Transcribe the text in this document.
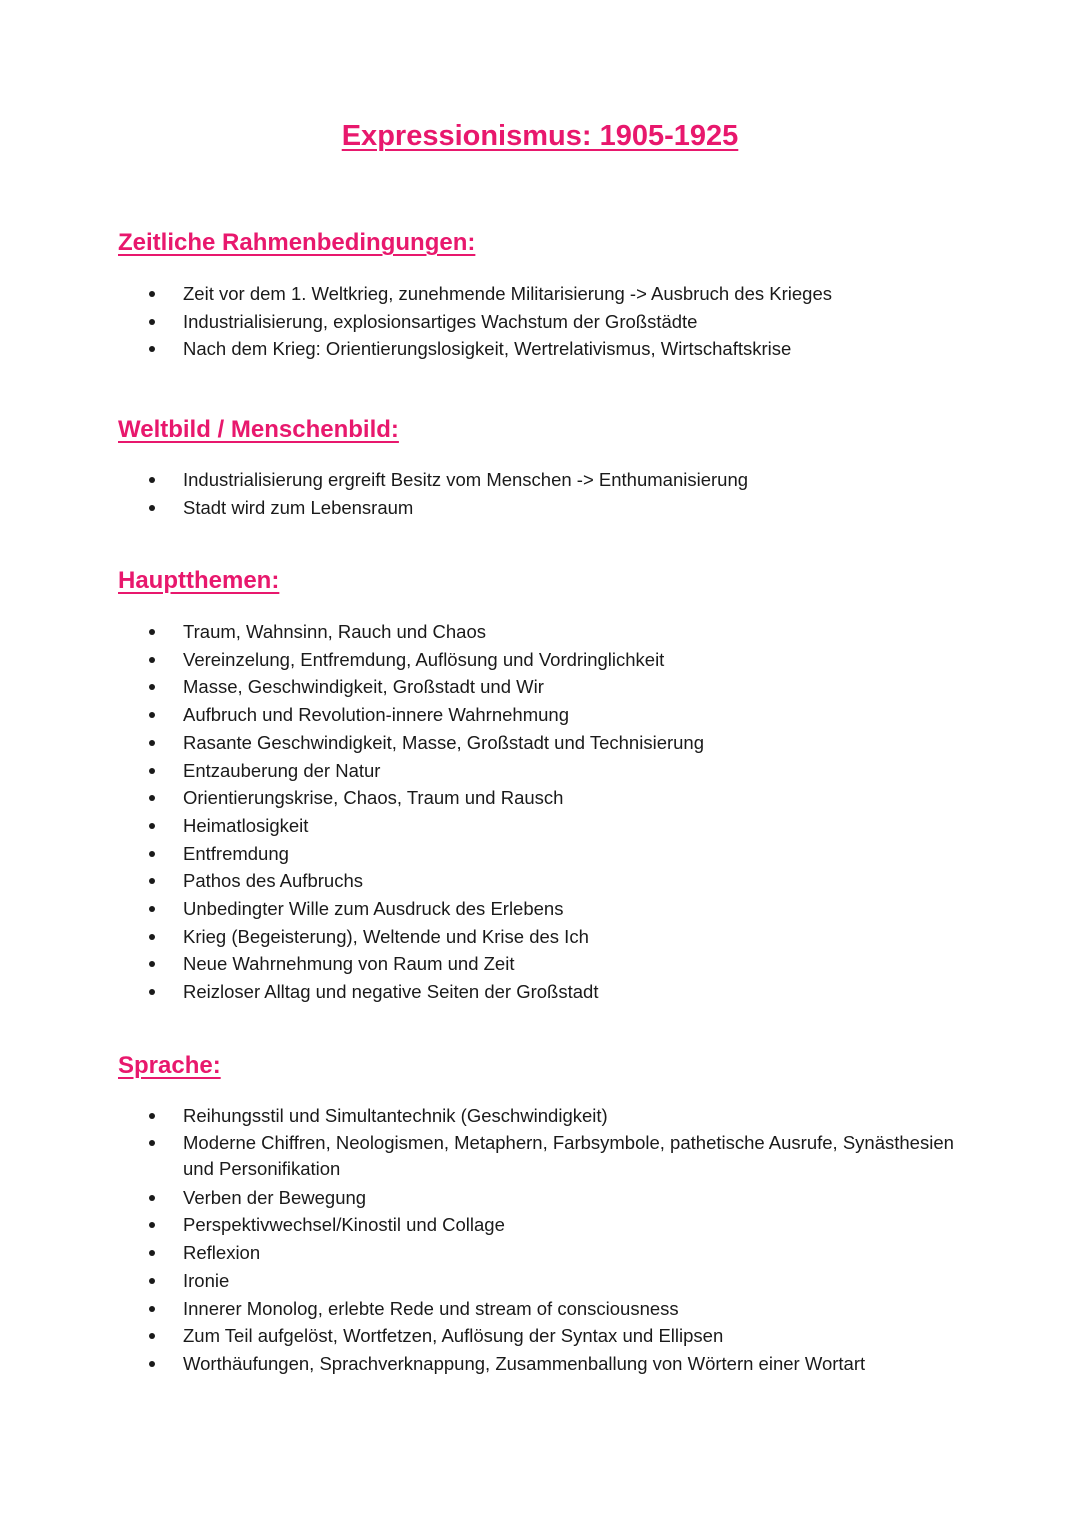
Expressionismus: 1905-1925
Zeitliche Rahmenbedingungen:
Zeit vor dem 1. Weltkrieg, zunehmende Militarisierung -> Ausbruch des Krieges
Industrialisierung, explosionsartiges Wachstum der Großstädte
Nach dem Krieg: Orientierungslosigkeit, Wertrelativismus, Wirtschaftskrise
Weltbild / Menschenbild:
Industrialisierung ergreift Besitz vom Menschen -> Enthumanisierung
Stadt wird zum Lebensraum
Hauptthemen:
Traum, Wahnsinn, Rauch und Chaos
Vereinzelung, Entfremdung, Auflösung und Vordringlichkeit
Masse, Geschwindigkeit, Großstadt und Wir
Aufbruch und Revolution-innere Wahrnehmung
Rasante Geschwindigkeit, Masse, Großstadt und Technisierung
Entzauberung der Natur
Orientierungskrise, Chaos, Traum und Rausch
Heimatlosigkeit
Entfremdung
Pathos des Aufbruchs
Unbedingter Wille zum Ausdruck des Erlebens
Krieg (Begeisterung), Weltende und Krise des Ich
Neue Wahrnehmung von Raum und Zeit
Reizloser Alltag und negative Seiten der Großstadt
Sprache:
Reihungsstil und Simultantechnik (Geschwindigkeit)
Moderne Chiffren, Neologismen, Metaphern, Farbsymbole, pathetische Ausrufe, Synästhesien und Personifikation
Verben der Bewegung
Perspektivwechsel/Kinostil und Collage
Reflexion
Ironie
Innerer Monolog, erlebte Rede und stream of consciousness
Zum Teil aufgelöst, Wortfetzen, Auflösung der Syntax und Ellipsen
Worthäufungen, Sprachverknappung, Zusammenballung von Wörtern einer Wortart
